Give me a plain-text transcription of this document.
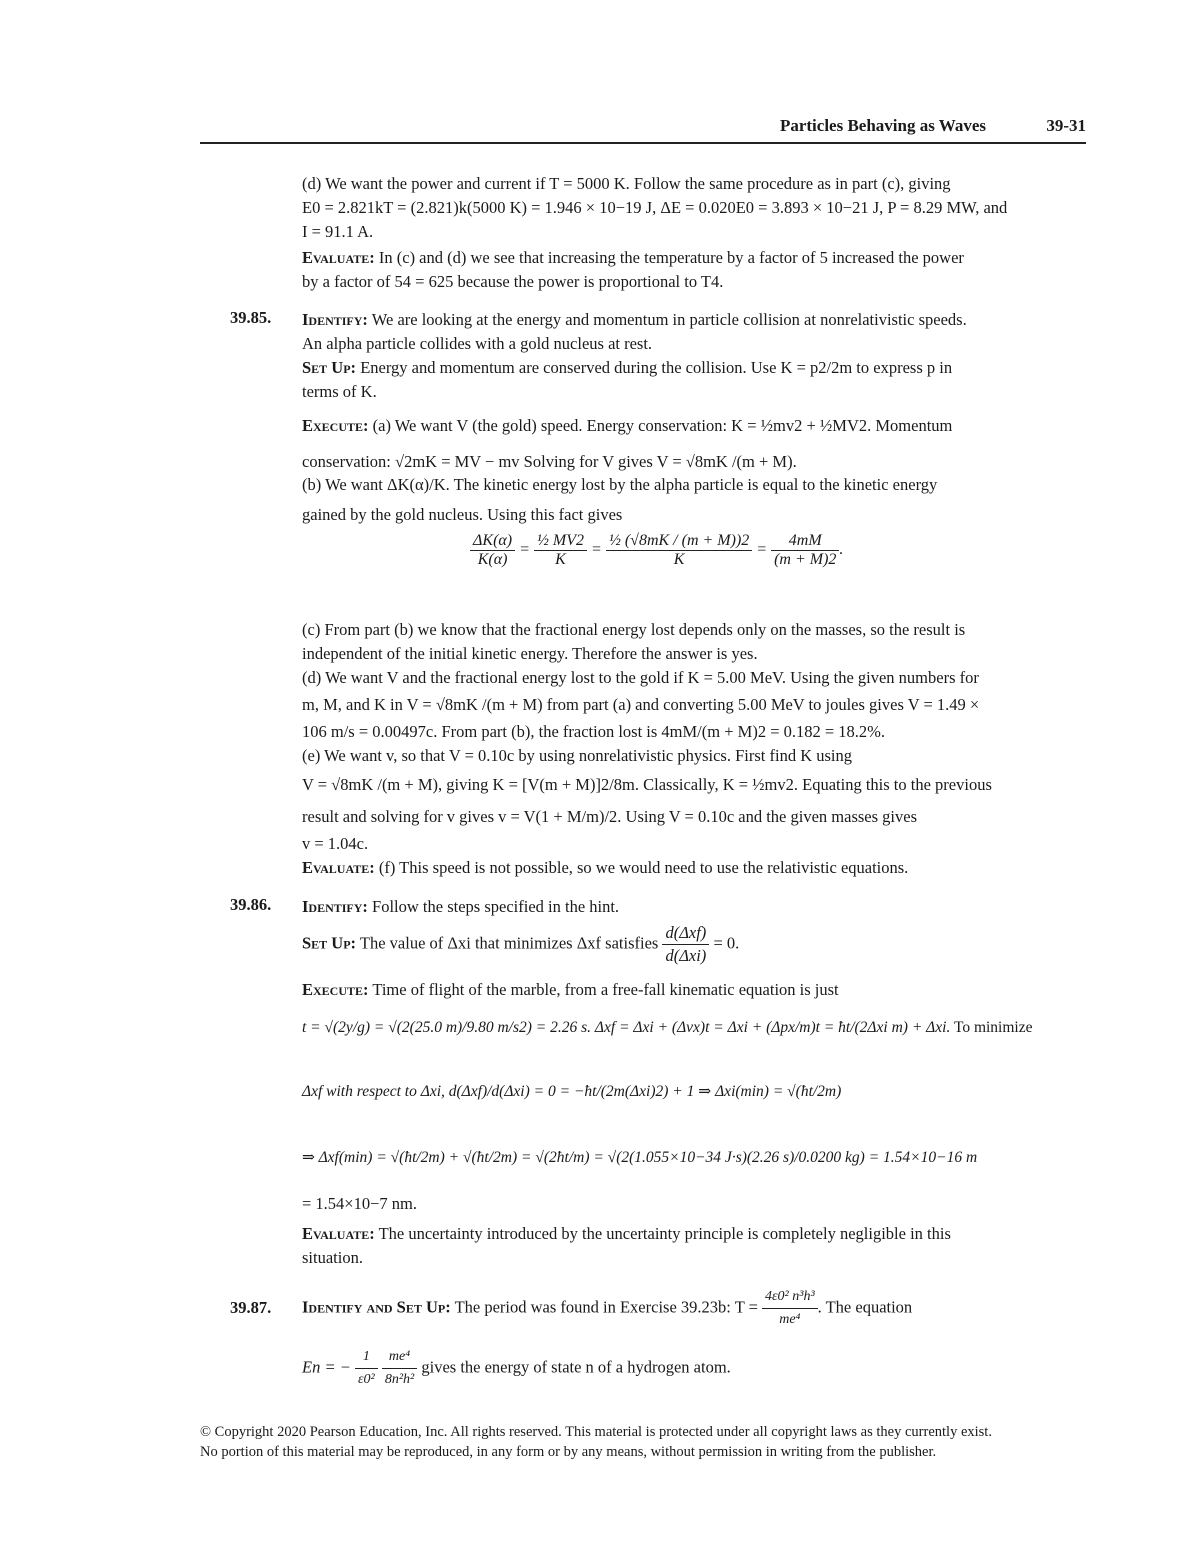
Particles Behaving as Waves	39-31
(d) We want the power and current if T = 5000 K. Follow the same procedure as in part (c), giving
E0 = 2.821kT = (2.821)k(5000 K) = 1.946 × 10−19 J, ΔE = 0.020E0 = 3.893 × 10−21 J, P = 8.29 MW, and
I = 91.1 A.
Evaluate: In (c) and (d) we see that increasing the temperature by a factor of 5 increased the power
by a factor of 54 = 625 because the power is proportional to T4.
39.85. Identify: We are looking at the energy and momentum in particle collision at nonrelativistic speeds.
An alpha particle collides with a gold nucleus at rest.
Set Up: Energy and momentum are conserved during the collision. Use K = p2/2m to express p in
terms of K.
Execute: (a) We want V (the gold) speed. Energy conservation: K = ½mv2 + ½MV2. Momentum
conservation: √2mK = MV − mv Solving for V gives V = √8mK /(m + M).
(b) We want ΔK(α)/K. The kinetic energy lost by the alpha particle is equal to the kinetic energy
gained by the gold nucleus. Using this fact gives
$\frac{\Delta K(\alpha)}{K(\alpha)} = \frac{\text{½ MV2}}{K} = \frac{\text{½ (√8mK / (m + M))2}}{K} = \frac{4mM}{(m + M)2}$ .
(c) From part (b) we know that the fractional energy lost depends only on the masses, so the result is
independent of the initial kinetic energy. Therefore the answer is yes.
(d) We want V and the fractional energy lost to the gold if K = 5.00 MeV. Using the given numbers for
m, M, and K in V = √8mK /(m + M) from part (a) and converting 5.00 MeV to joules gives V = 1.49 ×
106 m/s = 0.00497c. From part (b), the fraction lost is 4mM/(m + M)2 = 0.182 = 18.2%.
(e) We want v, so that V = 0.10c by using nonrelativistic physics. First find K using
V = √8mK /(m + M), giving K = [V(m + M)]2/8m. Classically, K = ½mv2. Equating this to the previous
result and solving for v gives v = V(1 + M/m)/2. Using V = 0.10c and the given masses gives
v = 1.04c.
Evaluate: (f) This speed is not possible, so we would need to use the relativistic equations.
39.86. Identify: Follow the steps specified in the hint.
Set Up: The value of Δxi that minimizes Δxf satisfies $\frac{\text{d(Δxf)}}{\text{d(Δxi)}} = 0$.
Execute: Time of flight of the marble, from a free-fall kinematic equation is just
t = √(2y/g) = √(2(25.0 m)/9.80 m/s2) = 2.26 s. Δxf = Δxi + (Δvx)t = Δxi + (Δpx/m)t = ħt/(2Δxi m) + Δxi. To minimize
Δxf with respect to Δxi, d(Δxf)/d(Δxi) = 0 = −ħt/(2m(Δxi)2) + 1 ⇒ Δxi(min) = √(ħt/2m)
⇒ Δxf(min) = √(ħt/2m) + √(ħt/2m) = √(2ħt/m) = √(2(1.055×10−34 J·s)(2.26 s)/0.0200 kg) = 1.54×10−16 m
= 1.54×10−7 nm.
Evaluate: The uncertainty introduced by the uncertainty principle is completely negligible in this
situation.
39.87. Identify and Set Up: The period was found in Exercise 39.23b: $T = \frac{\text{4ε0² n³h³}}{\text{me⁴}}$ . The equation
En = − $\frac{1}{\text{ε0²}}$
$\frac{\text{me⁴}}{\text{8n²h²}}$ gives the energy of state n of a hydrogen atom.
© Copyright 2020 Pearson Education, Inc. All rights reserved. This material is protected under all copyright laws as they currently exist.
No portion of this material may be reproduced, in any form or by any means, without permission in writing from the publisher.
